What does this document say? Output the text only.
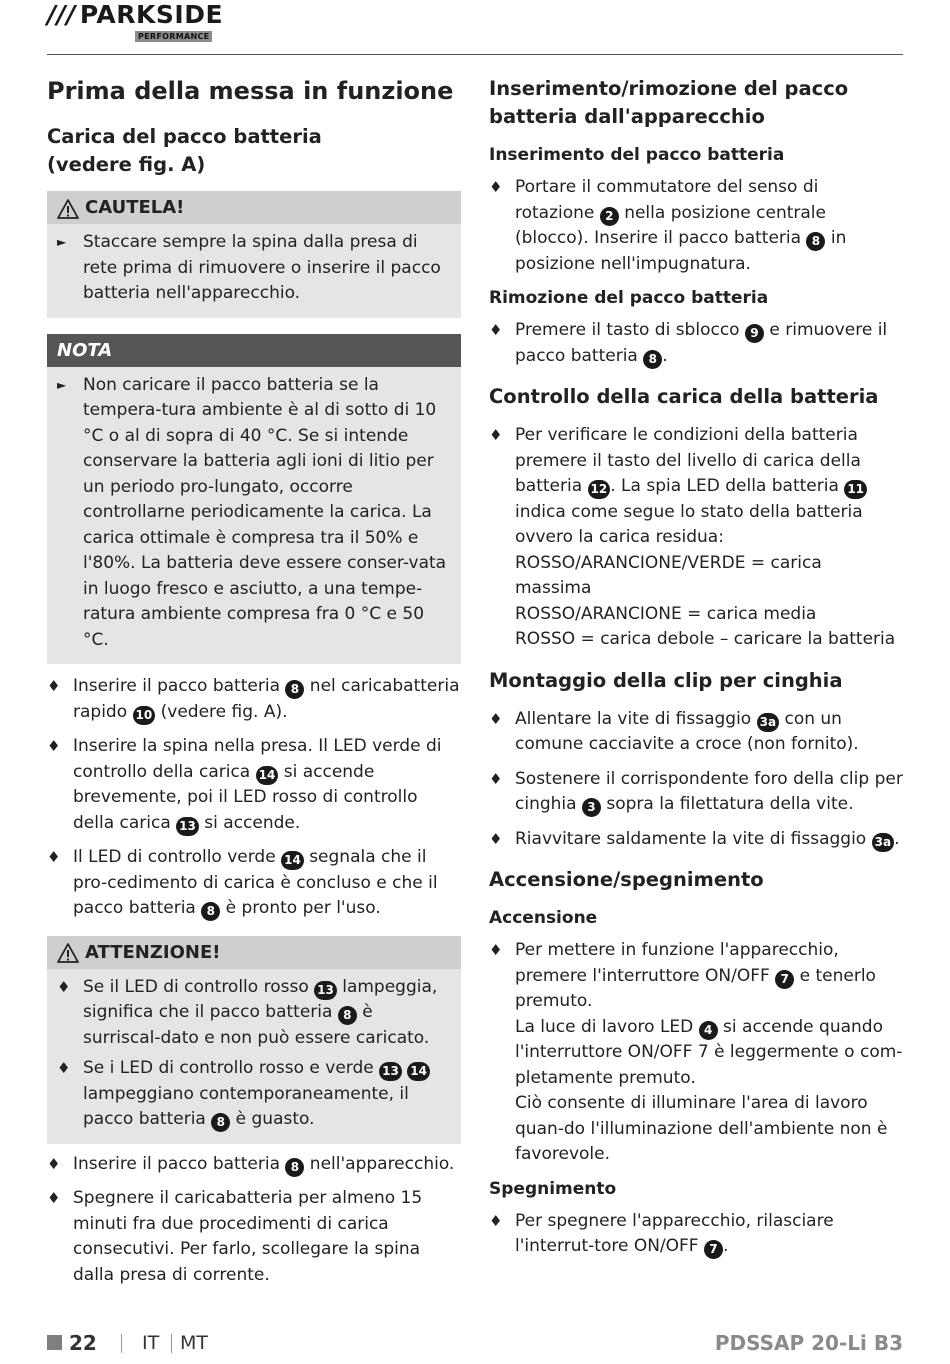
/// PARKSIDE
PERFORMANCE
Prima della messa in funzione
Carica del pacco batteria (vedere fig. A)
CAUTELA!
► Staccare sempre la spina dalla presa di rete prima di rimuovere o inserire il pacco batteria nell'apparecchio.
NOTA
► Non caricare il pacco batteria se la tempera-tura ambiente è al di sotto di 10 °C o al di sopra di 40 °C. Se si intende conservare la batteria agli ioni di litio per un periodo pro-lungato, occorre controllarne periodicamente la carica. La carica ottimale è compresa tra il 50% e l'80%. La batteria deve essere conser-vata in luogo fresco e asciutto, a una tempe-ratura ambiente compresa fra 0 °C e 50 °C.
♦ Inserire il pacco batteria 8 nel caricabatteria rapido 10 (vedere fig. A).
♦ Inserire la spina nella presa. Il LED verde di controllo della carica 14 si accende brevemente, poi il LED rosso di controllo della carica 13 si accende.
♦ Il LED di controllo verde 14 segnala che il pro-cedimento di carica è concluso e che il pacco batteria 8 è pronto per l'uso.
ATTENZIONE!
♦ Se il LED di controllo rosso 13 lampeggia, significa che il pacco batteria 8 è surriscal-dato e non può essere caricato.
♦ Se i LED di controllo rosso e verde 13 14 lampeggiano contemporaneamente, il pacco batteria 8 è guasto.
♦ Inserire il pacco batteria 8 nell'apparecchio.
♦ Spegnere il caricabatteria per almeno 15 minuti fra due procedimenti di carica consecutivi. Per farlo, scollegare la spina dalla presa di corrente.
Inserimento/rimozione del pacco batteria dall'apparecchio
Inserimento del pacco batteria
♦ Portare il commutatore del senso di rotazione 2 nella posizione centrale (blocco). Inserire il pacco batteria 8 in posizione nell'impugnatura.
Rimozione del pacco batteria
♦ Premere il tasto di sblocco 9 e rimuovere il pacco batteria 8 .
Controllo della carica della batteria
♦ Per verificare le condizioni della batteria premere il tasto del livello di carica della batteria 12 . La spia LED della batteria 11 indica come segue lo stato della batteria ovvero la carica residua:
ROSSO/ARANCIONE/VERDE = carica massima
ROSSO/ARANCIONE = carica media
ROSSO = carica debole – caricare la batteria
Montaggio della clip per cinghia
♦ Allentare la vite di fissaggio 3a con un comune cacciavite a croce (non fornito).
♦ Sostenere il corrispondente foro della clip per cinghia 3 sopra la filettatura della vite.
♦ Riavvitare saldamente la vite di fissaggio 3a .
Accensione/spegnimento
Accensione
♦ Per mettere in funzione l'apparecchio, premere l'interruttore ON/OFF 7 e tenerlo premuto.
La luce di lavoro LED 4 si accende quando l'interruttore ON/OFF 7 è leggermente o com-pletamente premuto.
Ciò consente di illuminare l'area di lavoro quan-do l'illuminazione dell'ambiente non è favorevole.
Spegnimento
♦ Per spegnere l'apparecchio, rilasciare l'interrut-tore ON/OFF 7 .
22 IT MT	PDSSAP 20-Li B3
